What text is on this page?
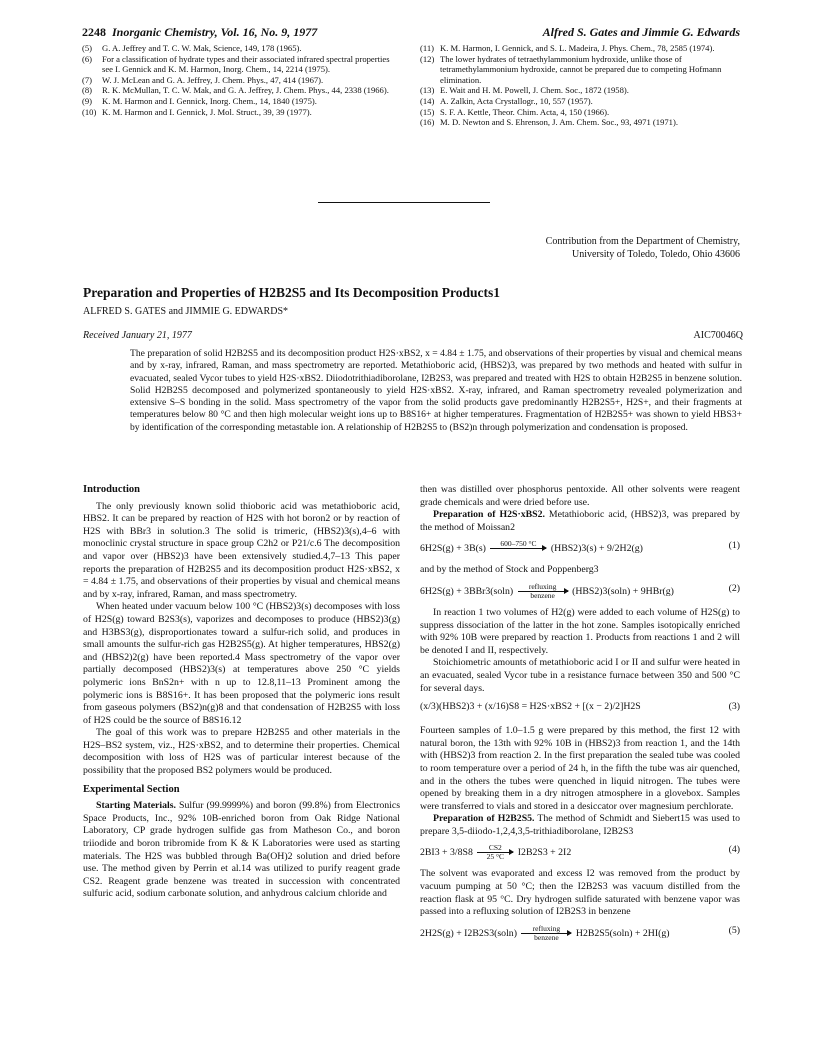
2248 Inorganic Chemistry, Vol. 16, No. 9, 1977	Alfred S. Gates and Jimmie G. Edwards
(5) G. A. Jeffrey and T. C. W. Mak, Science, 149, 178 (1965).
(6) For a classification of hydrate types and their associated infrared spectral properties see I. Gennick and K. M. Harmon, Inorg. Chem., 14, 2214 (1975).
(7) W. J. McLean and G. A. Jeffrey, J. Chem. Phys., 47, 414 (1967).
(8) R. K. McMullan, T. C. W. Mak, and G. A. Jeffrey, J. Chem. Phys., 44, 2338 (1966).
(9) K. M. Harmon and I. Gennick, Inorg. Chem., 14, 1840 (1975).
(10) K. M. Harmon and I. Gennick, J. Mol. Struct., 39, 39 (1977).
(11) K. M. Harmon, I. Gennick, and S. L. Madeira, J. Phys. Chem., 78, 2585 (1974).
(12) The lower hydrates of tetraethylammonium hydroxide, unlike those of tetramethylammonium hydroxide, cannot be prepared due to competing Hofmann elimination.
(13) E. Wait and H. M. Powell, J. Chem. Soc., 1872 (1958).
(14) A. Zalkin, Acta Crystallogr., 10, 557 (1957).
(15) S. F. A. Kettle, Theor. Chim. Acta, 4, 150 (1966).
(16) M. D. Newton and S. Ehrenson, J. Am. Chem. Soc., 93, 4971 (1971).
Contribution from the Department of Chemistry,
University of Toledo, Toledo, Ohio 43606
Preparation and Properties of H2B2S5 and Its Decomposition Products1
ALFRED S. GATES and JIMMIE G. EDWARDS*
Received January 21, 1977	AIC70046Q
The preparation of solid H2B2S5 and its decomposition product H2S·xBS2, x = 4.84 ± 1.75, and observations of their properties by visual and chemical means and by x-ray, infrared, Raman, and mass spectrometry are reported. Metathioboric acid, (HBS2)3, was prepared by two methods and heated with sulfur in evacuated, sealed Vycor tubes to yield H2S·xBS2. Diiodotrithiadiborolane, I2B2S3, was prepared and treated with H2S to obtain H2B2S5 in benzene solution. Solid H2B2S5 decomposed and polymerized spontaneously to yield H2S·xBS2. X-ray, infrared, and Raman spectrometry revealed polymerization and extensive S–S bonding in the solid. Mass spectrometry of the vapor from the solid products gave predominantly H2B2S5+, H2S+, and their fragments at temperatures below 80 °C and then high molecular weight ions up to B8S16+ at higher temperatures. Fragmentation of H2B2S5+ was shown to yield HBS3+ by identification of the corresponding metastable ion. A relationship of H2B2S5 to (BS2)n through polymerization and condensation is proposed.

Introduction

The only previously known solid thioboric acid was metathioboric acid, HBS2. It can be prepared by reaction of H2S with hot boron2 or by reaction of H2S with BBr3 in solution.3 The solid is trimeric, (HBS2)3(s),4–6 with monoclinic crystal structure in space group C2h2 or P21/c.6 The decomposition and vapor over (HBS2)3 have been extensively studied.4,7–13 This paper reports the preparation of H2B2S5 and its decomposition product H2S·xBS2, x = 4.84 ± 1.75, and observations of their properties by visual and chemical means and by x-ray, infrared, Raman, and mass spectrometry.

When heated under vacuum below 100 °C (HBS2)3(s) decomposes with loss of H2S(g) toward B2S3(s), vaporizes and decomposes to produce (HBS2)3(g) and H3BS3(g), disproportionates toward a sulfur-rich solid, and produces in small amounts the sulfur-rich gas H2B2S5(g). At higher temperatures, HBS2(g) and (HBS2)2(g) have been reported.4 Mass spectrometry of the vapor over partially decomposed (HBS2)3(s) at temperatures above 250 °C yields polymeric ions BnS2n+ with n up to 12.8,11–13 Prominent among the polymeric ions is B8S16+. It has been proposed that the polymeric ions result from gaseous polymers (BS2)n(g)8 and that condensation of H2B2S5 with loss of H2S could be the source of B8S16.12

The goal of this work was to prepare H2B2S5 and other materials in the H2S–BS2 system, viz., H2S·xBS2, and to determine their properties. Chemical decomposition with loss of H2S was of particular interest because of the possibility that the proposed BS2 polymers would be produced.

Experimental Section

Starting Materials. Sulfur (99.9999%) and boron (99.8%) from Electronics Space Products, Inc., 92% 10B-enriched boron from Oak Ridge National Laboratory, CP grade hydrogen sulfide gas from Matheson Co., and boron triiodide and boron tribromide from K & K Laboratories were used as starting materials. The H2S was bubbled through Ba(OH)2 solution and dried before use. The method given by Perrin et al.14 was utilized to purify reagent grade CS2. Reagent grade benzene was treated in succession with concentrated sulfuric acid, sodium carbonate solution, and anhydrous calcium chloride and

then was distilled over phosphorus pentoxide. All other solvents were reagent grade chemicals and were dried before use.

Preparation of H2S·xBS2. Metathioboric acid, (HBS2)3, was prepared by the method of Moissan2

6H2S(g) + 3B(s)	600–750 °C
	(HBS2)3(s) + 9/2H2(g)	(1)

and by the method of Stock and Poppenberg3

6H2S(g) + 3BBr3(soln)	refluxing
benzene	(HBS2)3(soln) + 9HBr(g)	(2)

In reaction 1 two volumes of H2(g) were added to each volume of H2S(g) to suppress dissociation of the latter in the hot zone. Samples isotopically enriched with 92% 10B were prepared by reaction 1. Products from reactions 1 and 2 will be denoted I and II, respectively.

Stoichiometric amounts of metathioboric acid I or II and sulfur were heated in an evacuated, sealed Vycor tube in a resistance furnace between 350 and 500 °C for several days.

(x/3)(HBS2)3 + (x/16)S8 = H2S·xBS2 + [(x − 2)/2]H2S	(3)

Fourteen samples of 1.0–1.5 g were prepared by this method, the first 12 with natural boron, the 13th with 92% 10B in (HBS2)3 from reaction 1, and the 14th with (HBS2)3 from reaction 2. In the first preparation the sealed tube was cooled to room temperature over a period of 24 h, in the fifth the tube was air quenched, and in the others the tubes were quenched in liquid nitrogen. The tubes were opened by breaking them in a dry nitrogen atmosphere in a glovebox. Samples were transferred to vials and stored in a desiccator over magnesium perchlorate.

Preparation of H2B2S5. The method of Schmidt and Siebert15 was used to prepare 3,5-diiodo-1,2,4,3,5-trithiadiborolane, I2B2S3

$2BI3 + 3/8S8 \frac{CS2}{25 ^\circ C} I2B2S3 + 2I2$	(4)

The solvent was evaporated and excess I2 was removed from the product by vacuum pumping at 50 °C; then the I2B2S3 was vacuum distilled from the reaction flask at 95 °C. Dry hydrogen sulfide saturated with benzene vapor was passed into a refluxing solution of I2B2S3 in benzene

2H2S(g) + I2B2S3(soln)	refluxing
benzene	H2B2S5(soln) + 2HI(g)	(5)
